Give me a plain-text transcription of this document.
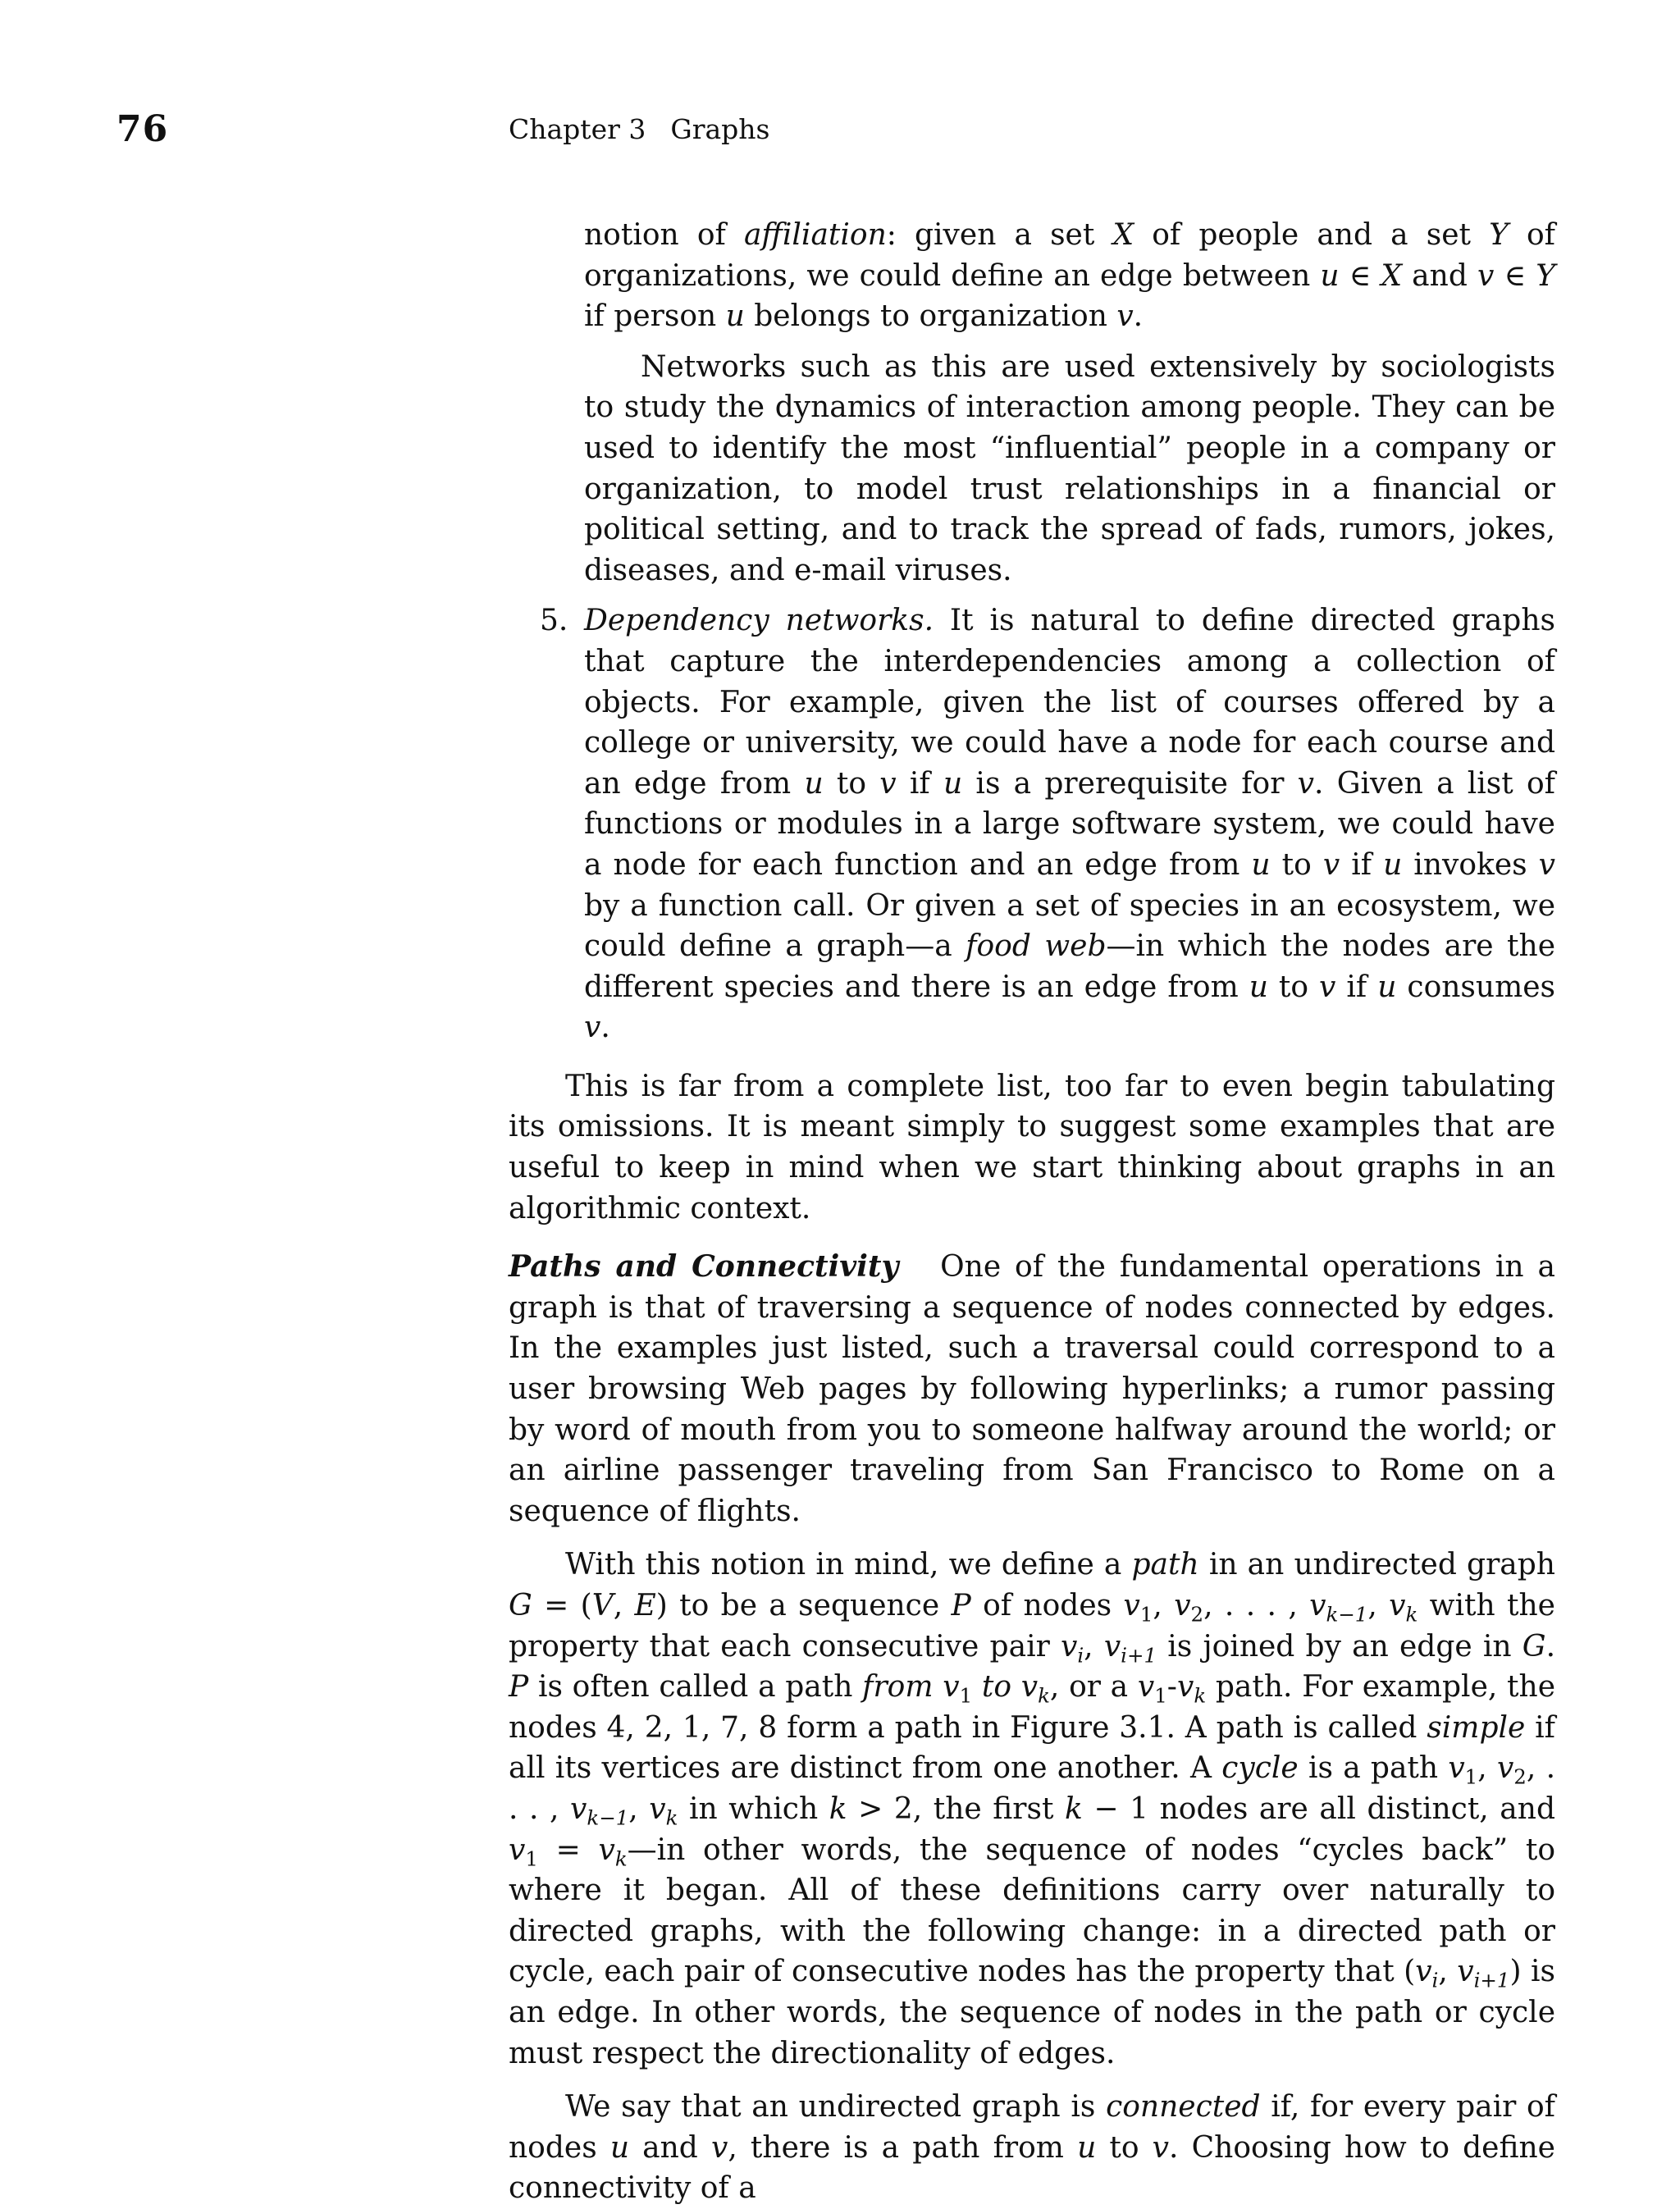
76	Chapter 3 Graphs

notion of affiliation: given a set X of people and a set Y of organizations, we could define an edge between u ∈ X and v ∈ Y if person u belongs to organization v.

Networks such as this are used extensively by sociologists to study the dynamics of interaction among people. They can be used to identify the most “influential” people in a company or organization, to model trust relationships in a financial or political setting, and to track the spread of fads, rumors, jokes, diseases, and e-mail viruses.

5. Dependency networks. It is natural to define directed graphs that capture the interdependencies among a collection of objects. For example, given the list of courses offered by a college or university, we could have a node for each course and an edge from u to v if u is a prerequisite for v. Given a list of functions or modules in a large software system, we could have a node for each function and an edge from u to v if u invokes v by a function call. Or given a set of species in an ecosystem, we could define a graph—a food web—in which the nodes are the different species and there is an edge from u to v if u consumes v.

This is far from a complete list, too far to even begin tabulating its omissions. It is meant simply to suggest some examples that are useful to keep in mind when we start thinking about graphs in an algorithmic context.

Paths and Connectivity One of the fundamental operations in a graph is that of traversing a sequence of nodes connected by edges. In the examples just listed, such a traversal could correspond to a user browsing Web pages by following hyperlinks; a rumor passing by word of mouth from you to someone halfway around the world; or an airline passenger traveling from San Francisco to Rome on a sequence of flights.

With this notion in mind, we define a path in an undirected graph G = (V, E) to be a sequence P of nodes $v_1$, $v_2$, . . . , $v_{k-1}$, $v_k$ with the property that each consecutive pair $v_i$, $v_{i+1}$ is joined by an edge in G. P is often called a path from $v_1$ to $v_k$, or a $v_1-v_k$ path. For example, the nodes 4, 2, 1, 7, 8 form a path in Figure 3.1. A path is called simple if all its vertices are distinct from one another. A cycle is a path $v_1$, $v_2$, . . . , $v_{k-1}$, $v_k$ in which k > 2, the first k − 1 nodes are all distinct, and $v_1$ = $v_k—in$ other words, the sequence of nodes “cycles back” to where it began. All of these definitions carry over naturally to directed graphs, with the following change: in a directed path or cycle, each pair of consecutive nodes has the property that ($v_i$, $v_{i+1}$) is an edge. In other words, the sequence of nodes in the path or cycle must respect the directionality of edges.

We say that an undirected graph is connected if, for every pair of nodes u and v, there is a path from u to v. Choosing how to define connectivity of a
